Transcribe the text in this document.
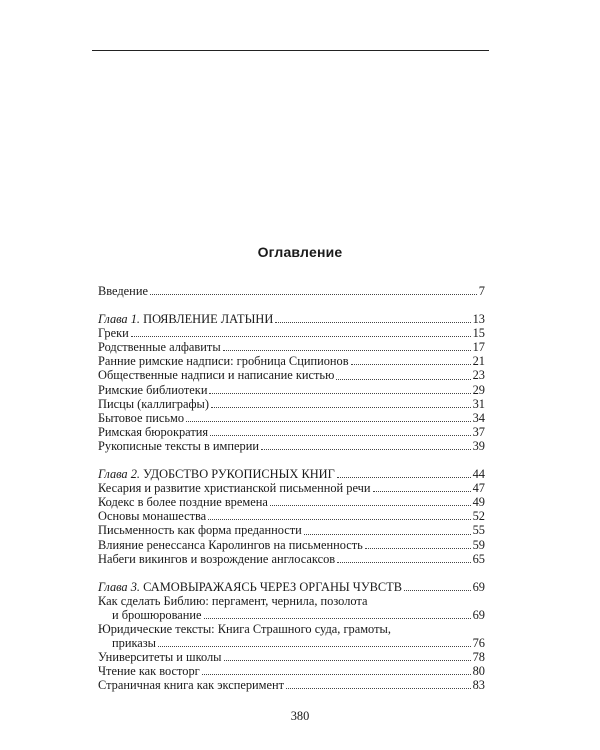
Оглавление
Введение	7
Глава 1. ПОЯВЛЕНИЕ ЛАТЫНИ	13
Греки	15
Родственные алфавиты	17
Ранние римские надписи: гробница Сципионов	21
Общественные надписи и написание кистью	23
Римские библиотеки	29
Писцы (каллиграфы)	31
Бытовое письмо	34
Римская бюрократия	37
Рукописные тексты в империи	39
Глава 2. УДОБСТВО РУКОПИСНЫХ КНИГ	44
Кесария и развитие христианской письменной речи	47
Кодекс в более поздние времена	49
Основы монашества	52
Письменность как форма преданности	55
Влияние ренессанса Каролингов на письменность	59
Набеги викингов и возрождение англосаксов	65
Глава 3. САМОВЫРАЖАЯСЬ ЧЕРЕЗ ОРГАНЫ ЧУВСТВ	69
Как сделать Библию: пергамент, чернила, позолота
и брошюрование	69
Юридические тексты: Книга Страшного суда, грамоты,
приказы	76
Университеты и школы	78
Чтение как восторг	80
Страничная книга как эксперимент	83
380
